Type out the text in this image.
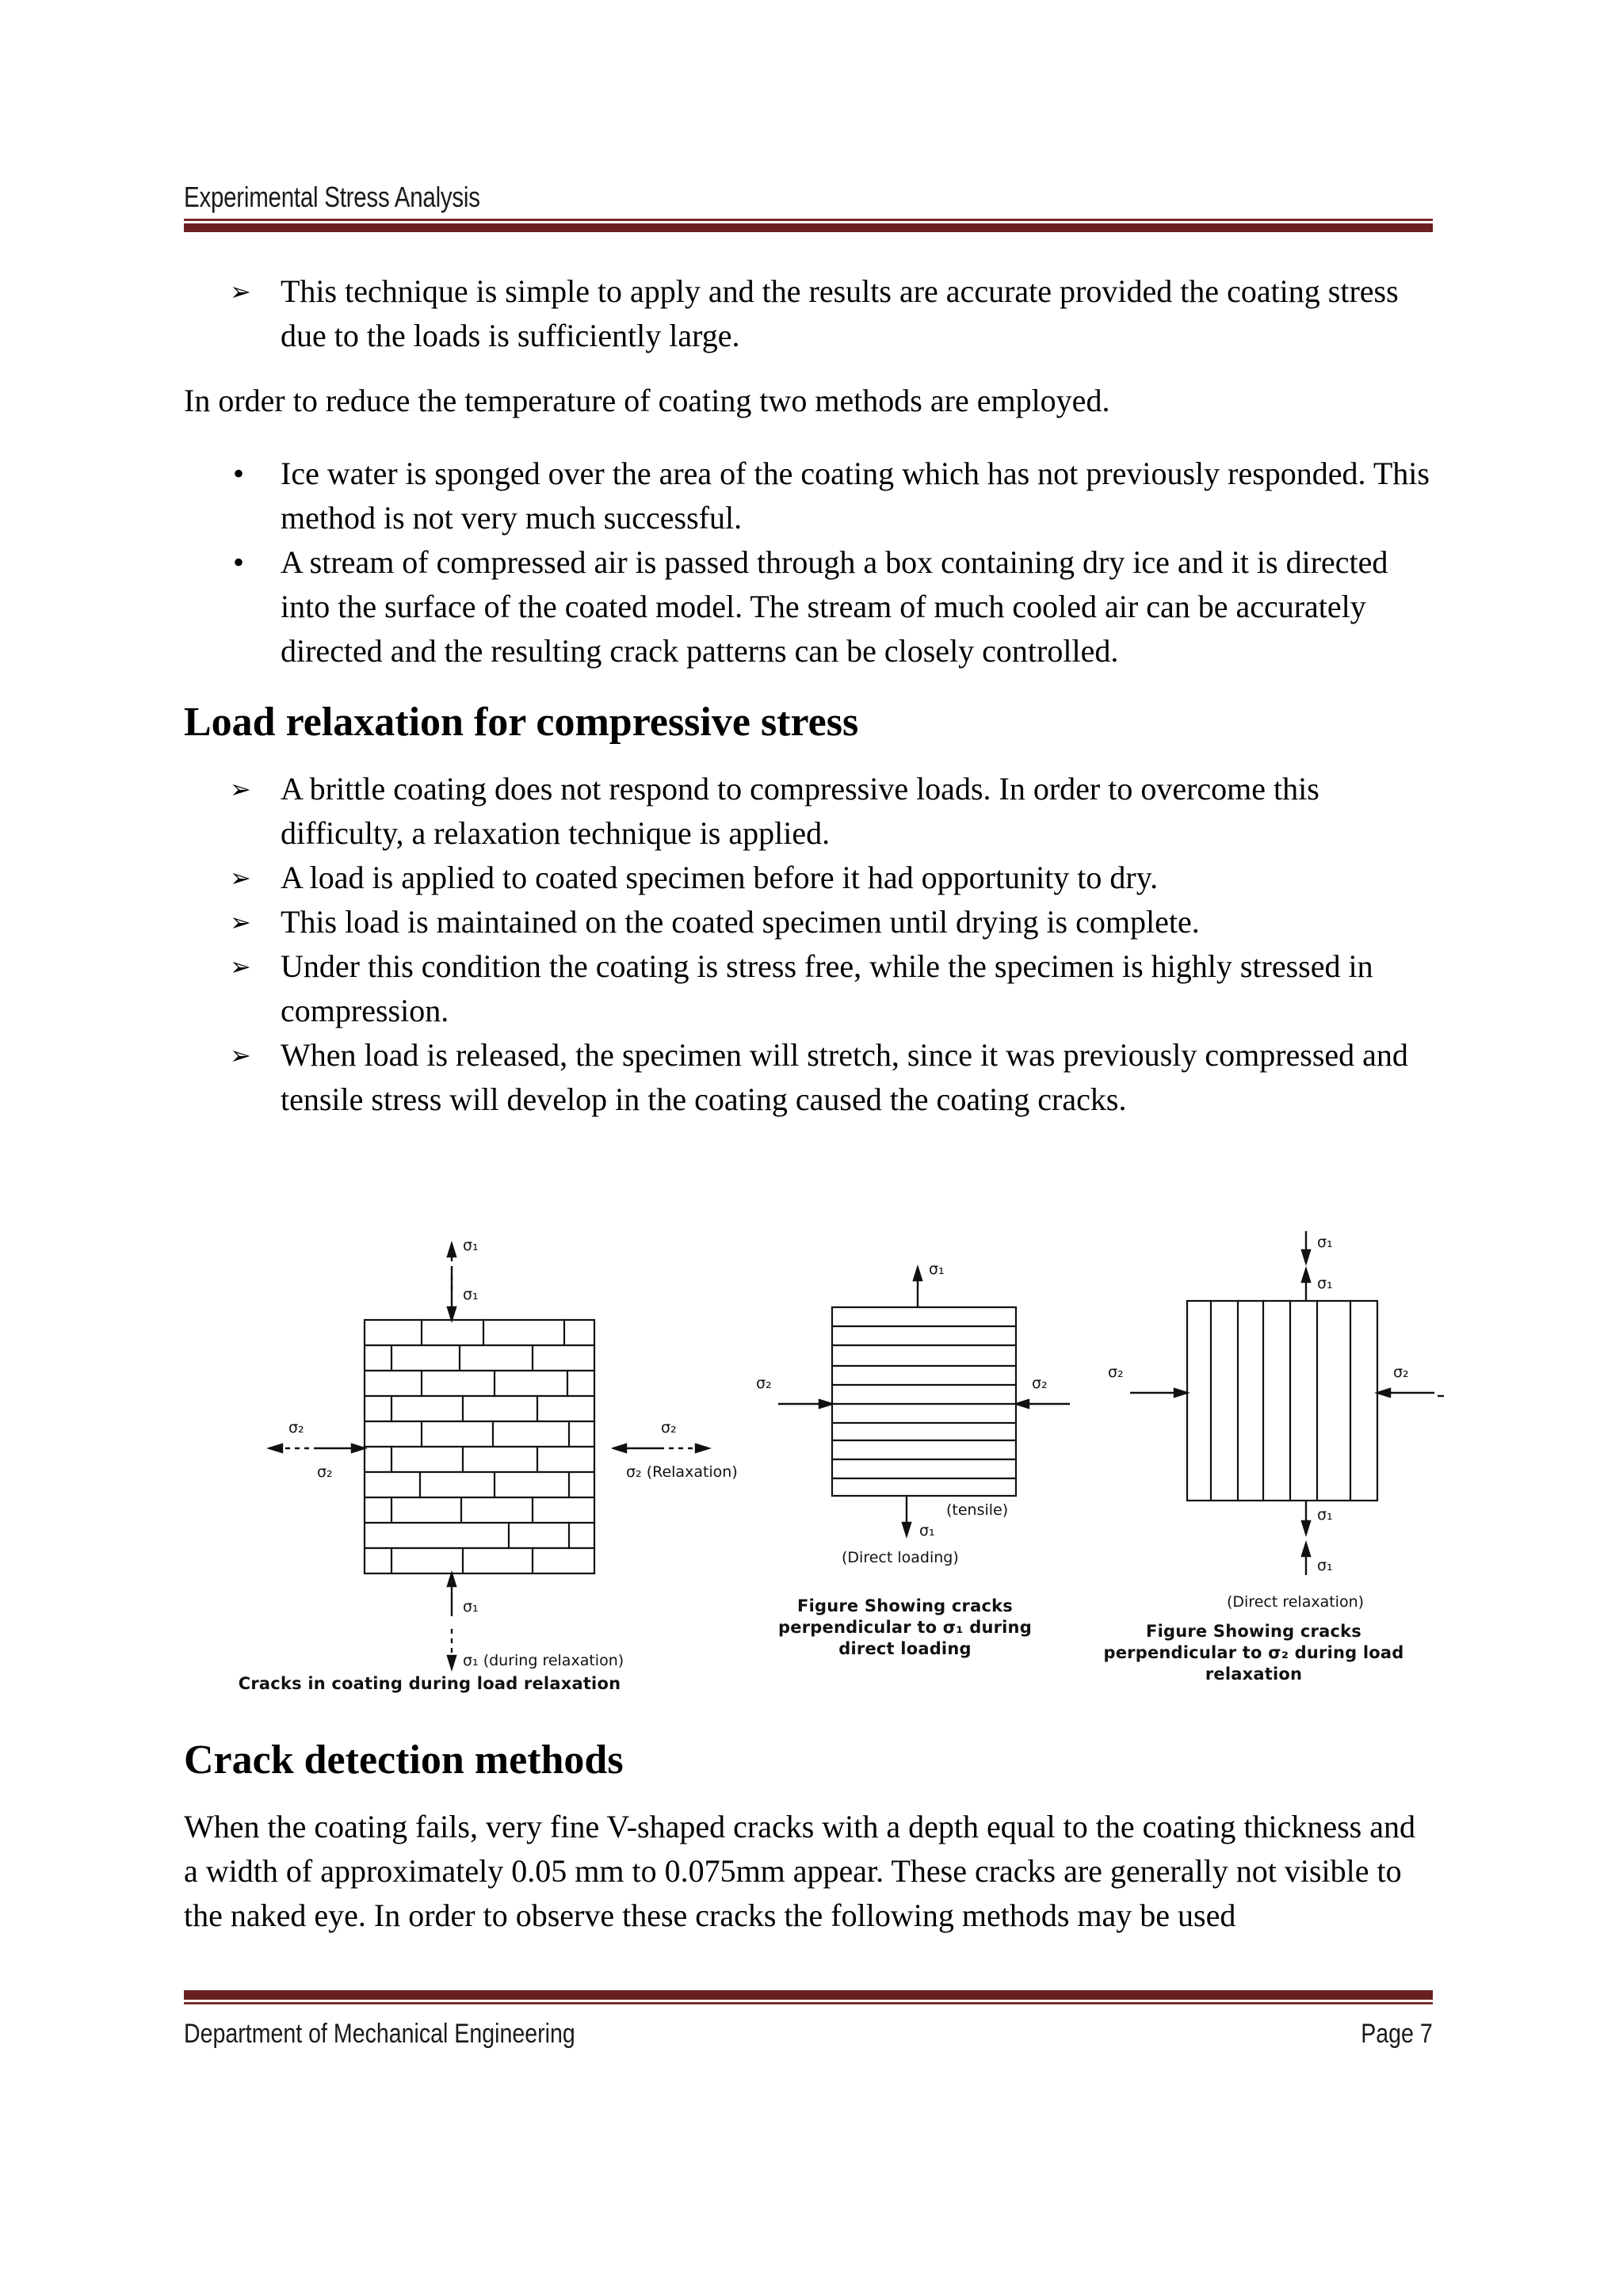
Experimental Stress Analysis
➢ This technique is simple to apply and the results are accurate provided the coating stress due to the loads is sufficiently large.

In order to reduce the temperature of coating two methods are employed.

•	Ice water is sponged over the area of the coating which has not previously responded. This method is not very much successful.
•	A stream of compressed air is passed through a box containing dry ice and it is directed into the surface of the coated model. The stream of much cooled air can be accurately directed and the resulting crack patterns can be closely controlled.
Load relaxation for compressive stress
➢ A brittle coating does not respond to compressive loads. In order to overcome this difficulty, a relaxation technique is applied.
➢ A load is applied to coated specimen before it had opportunity to dry.
➢ This load is maintained on the coated specimen until drying is complete.
➢ Under this condition the coating is stress free, while the specimen is highly stressed in compression.
➢ When load is released, the specimen will stretch, since it was previously compressed and tensile stress will develop in the coating caused the coating cracks.
σ₁
σ₁
σ₁
σ₁ (during relaxation)
σ₂
σ₂
Cracks in coating during load relaxation
σ₂
σ₂ (Relaxation)
σ₁
σ₂	σ₂
σ₁
(tensile)
(Direct loading)
Figure Showing cracks
perpendicular to σ₁ during
direct loading
σ₁
σ₁
σ₂	σ₂
σ₁
σ₁
(Direct relaxation)
Figure Showing cracks
perpendicular to σ₂ during load relaxation
Crack detection methods

When the coating fails, very fine V-shaped cracks with a depth equal to the coating thickness and a width of approximately 0.05 mm to 0.075mm appear. These cracks are generally not visible to the naked eye. In order to observe these cracks the following methods may be used

Department of Mechanical Engineering	Page 7
